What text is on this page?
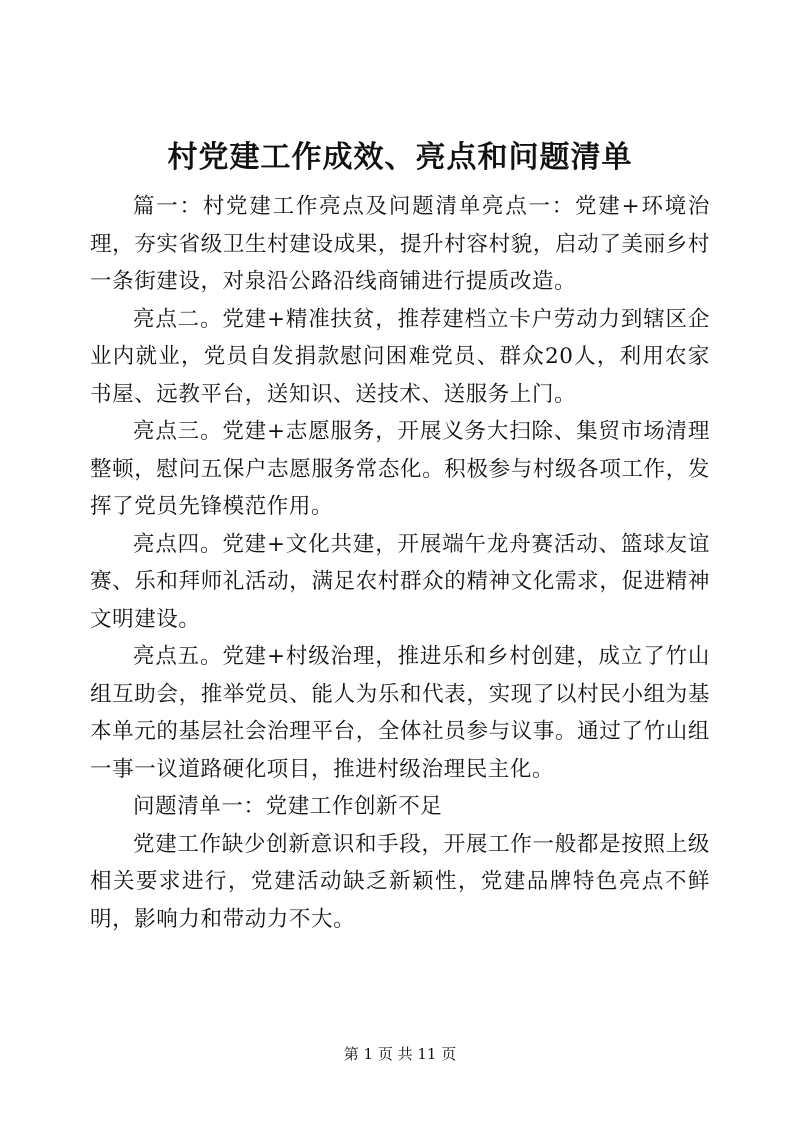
村党建工作成效、亮点和问题清单

篇一：村党建工作亮点及问题清单亮点一：党建+环境治理，夯实省级卫生村建设成果，提升村容村貌，启动了美丽乡村一条街建设，对泉沿公路沿线商铺进行提质改造。

亮点二。党建+精准扶贫，推荐建档立卡户劳动力到辖区企业内就业，党员自发捐款慰问困难党员、群众20人，利用农家书屋、远教平台，送知识、送技术、送服务上门。

亮点三。党建+志愿服务，开展义务大扫除、集贸市场清理整顿，慰问五保户志愿服务常态化。积极参与村级各项工作，发挥了党员先锋模范作用。

亮点四。党建+文化共建，开展端午龙舟赛活动、篮球友谊赛、乐和拜师礼活动，满足农村群众的精神文化需求，促进精神文明建设。

亮点五。党建+村级治理，推进乐和乡村创建，成立了竹山组互助会，推举党员、能人为乐和代表，实现了以村民小组为基本单元的基层社会治理平台，全体社员参与议事。通过了竹山组一事一议道路硬化项目，推进村级治理民主化。

问题清单一：党建工作创新不足

党建工作缺少创新意识和手段，开展工作一般都是按照上级相关要求进行，党建活动缺乏新颖性，党建品牌特色亮点不鲜明，影响力和带动力不大。

第 1 页 共 11 页
